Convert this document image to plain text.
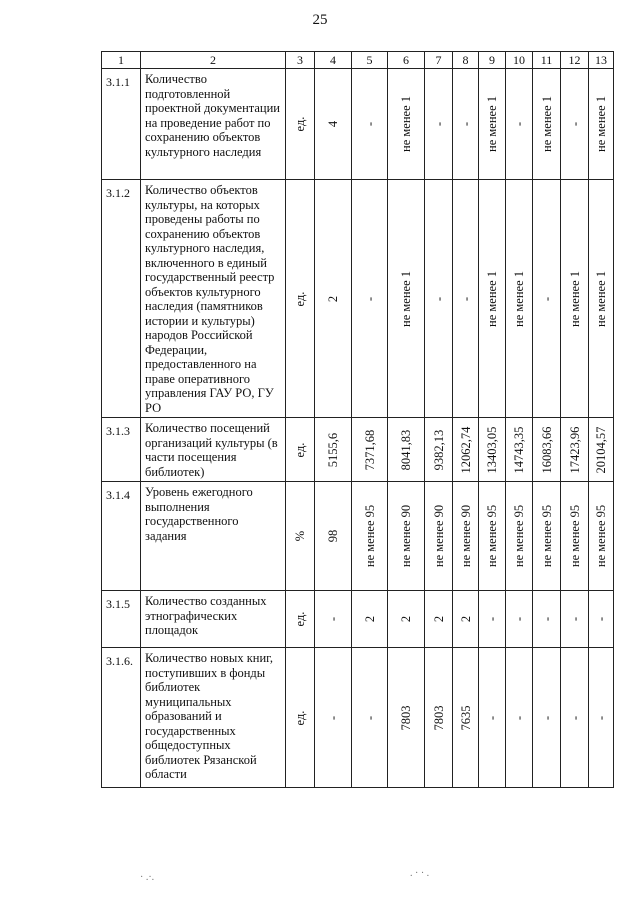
25
1	2	3	4	5	6	7	8	9	10	11	12	13
3.1.1	Количество подготовленной проектной документации на проведение работ по сохранению объектов культурного наследия	ед.	4	-	не менее 1	-	-	не менее 1	-	не менее 1	-	не менее 1

3.1.2	Количество объектов культуры, на которых проведены работы по сохранению объектов культурного наследия, включенного в единый государственный реестр объектов культурного наследия (памятников истории и культуры) народов Российской Федерации, предоставленного на праве оперативного управления ГАУ РО, ГУ РО	ед.	2	-	не менее 1	-	-	не менее 1	не менее 1	-	не менее 1	не менее 1

3.1.3	Количество посещений организаций культуры (в части посещения библиотек)	ед.	5155,6	7371,68	8041,83	9382,13	12062,74	13403,05	14743,35	16083,66	17423,96	20104,57

3.1.4	Уровень ежегодного выполнения государственного задания	%	98	не менее 95	не менее 90	не менее 90	не менее 90	не менее 95	не менее 95	не менее 95	не менее 95	не менее 95

3.1.5	Количество созданных этнографических площадок	ед.	-	2	2	2	2	-	-	-	-	-

3.1.6.	Количество новых книг, поступивших в фонды библиотек муниципальных образований и государственных общедоступных библиотек Рязанской области	ед.	-	-	7803	7803	7635	-	-	-	-	-
· .·.	. · · .
